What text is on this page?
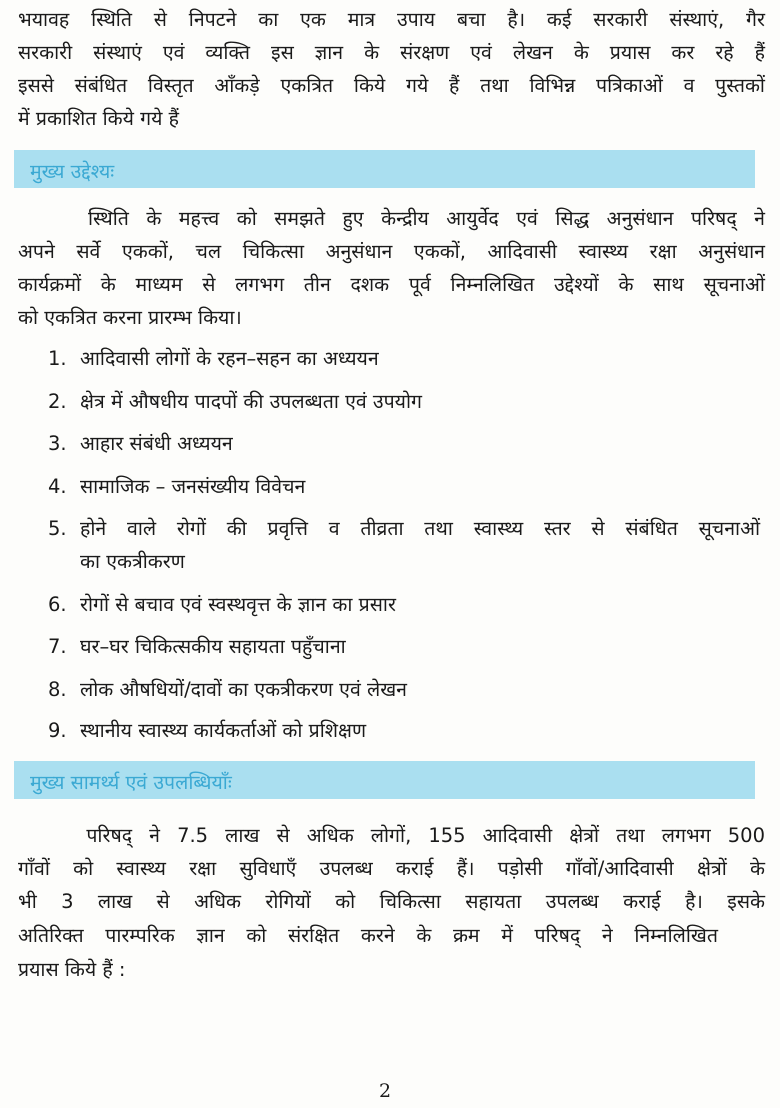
भयावह स्थिति से निपटने का एक मात्र उपाय बचा है। कई सरकारी संस्थाएं, गैर
सरकारी संस्थाएं एवं व्यक्ति इस ज्ञान के संरक्षण एवं लेखन के प्रयास कर रहे हैं
इससे संबंधित विस्तृत आँकड़े एकत्रित किये गये हैं तथा विभिन्न पत्रिकाओं व पुस्तकों
में प्रकाशित किये गये हैं
मुख्य उद्देश्यः
स्थिति के महत्त्व को समझते हुए केन्द्रीय आयुर्वेद एवं सिद्ध अनुसंधान परिषद् ने
अपने सर्वे एककों, चल चिकित्सा अनुसंधान एककों, आदिवासी स्वास्थ्य रक्षा अनुसंधान
कार्यक्रमों के माध्यम से लगभग तीन दशक पूर्व निम्नलिखित उद्देश्यों के साथ सूचनाओं
को एकत्रित करना प्रारम्भ किया।
1. आदिवासी लोगों के रहन–सहन का अध्ययन
2. क्षेत्र में औषधीय पादपों की उपलब्धता एवं उपयोग
3. आहार संबंधी अध्ययन
4. सामाजिक – जनसंख्यीय विवेचन
5. होने वाले रोगों की प्रवृत्ति व तीव्रता तथा स्वास्थ्य स्तर से संबंधित सूचनाओं
का एकत्रीकरण
6. रोगों से बचाव एवं स्वस्थवृत्त के ज्ञान का प्रसार
7. घर–घर चिकित्सकीय सहायता पहुँचाना
8. लोक औषधियों/दावों का एकत्रीकरण एवं लेखन
9. स्थानीय स्वास्थ्य कार्यकर्ताओं को प्रशिक्षण
मुख्य सामर्थ्य एवं उपलब्धियाँः
परिषद् ने 7.5 लाख से अधिक लोगों, 155 आदिवासी क्षेत्रों तथा लगभग 500
गाँवों को स्वास्थ्य रक्षा सुविधाएँ उपलब्ध कराई हैं। पड़ोसी गाँवों/आदिवासी क्षेत्रों के
भी 3 लाख से अधिक रोगियों को चिकित्सा सहायता उपलब्ध कराई है। इसके
अतिरिक्त पारम्परिक ज्ञान को संरक्षित करने के क्रम में परिषद् ने निम्नलिखित
प्रयास किये हैं :
2
